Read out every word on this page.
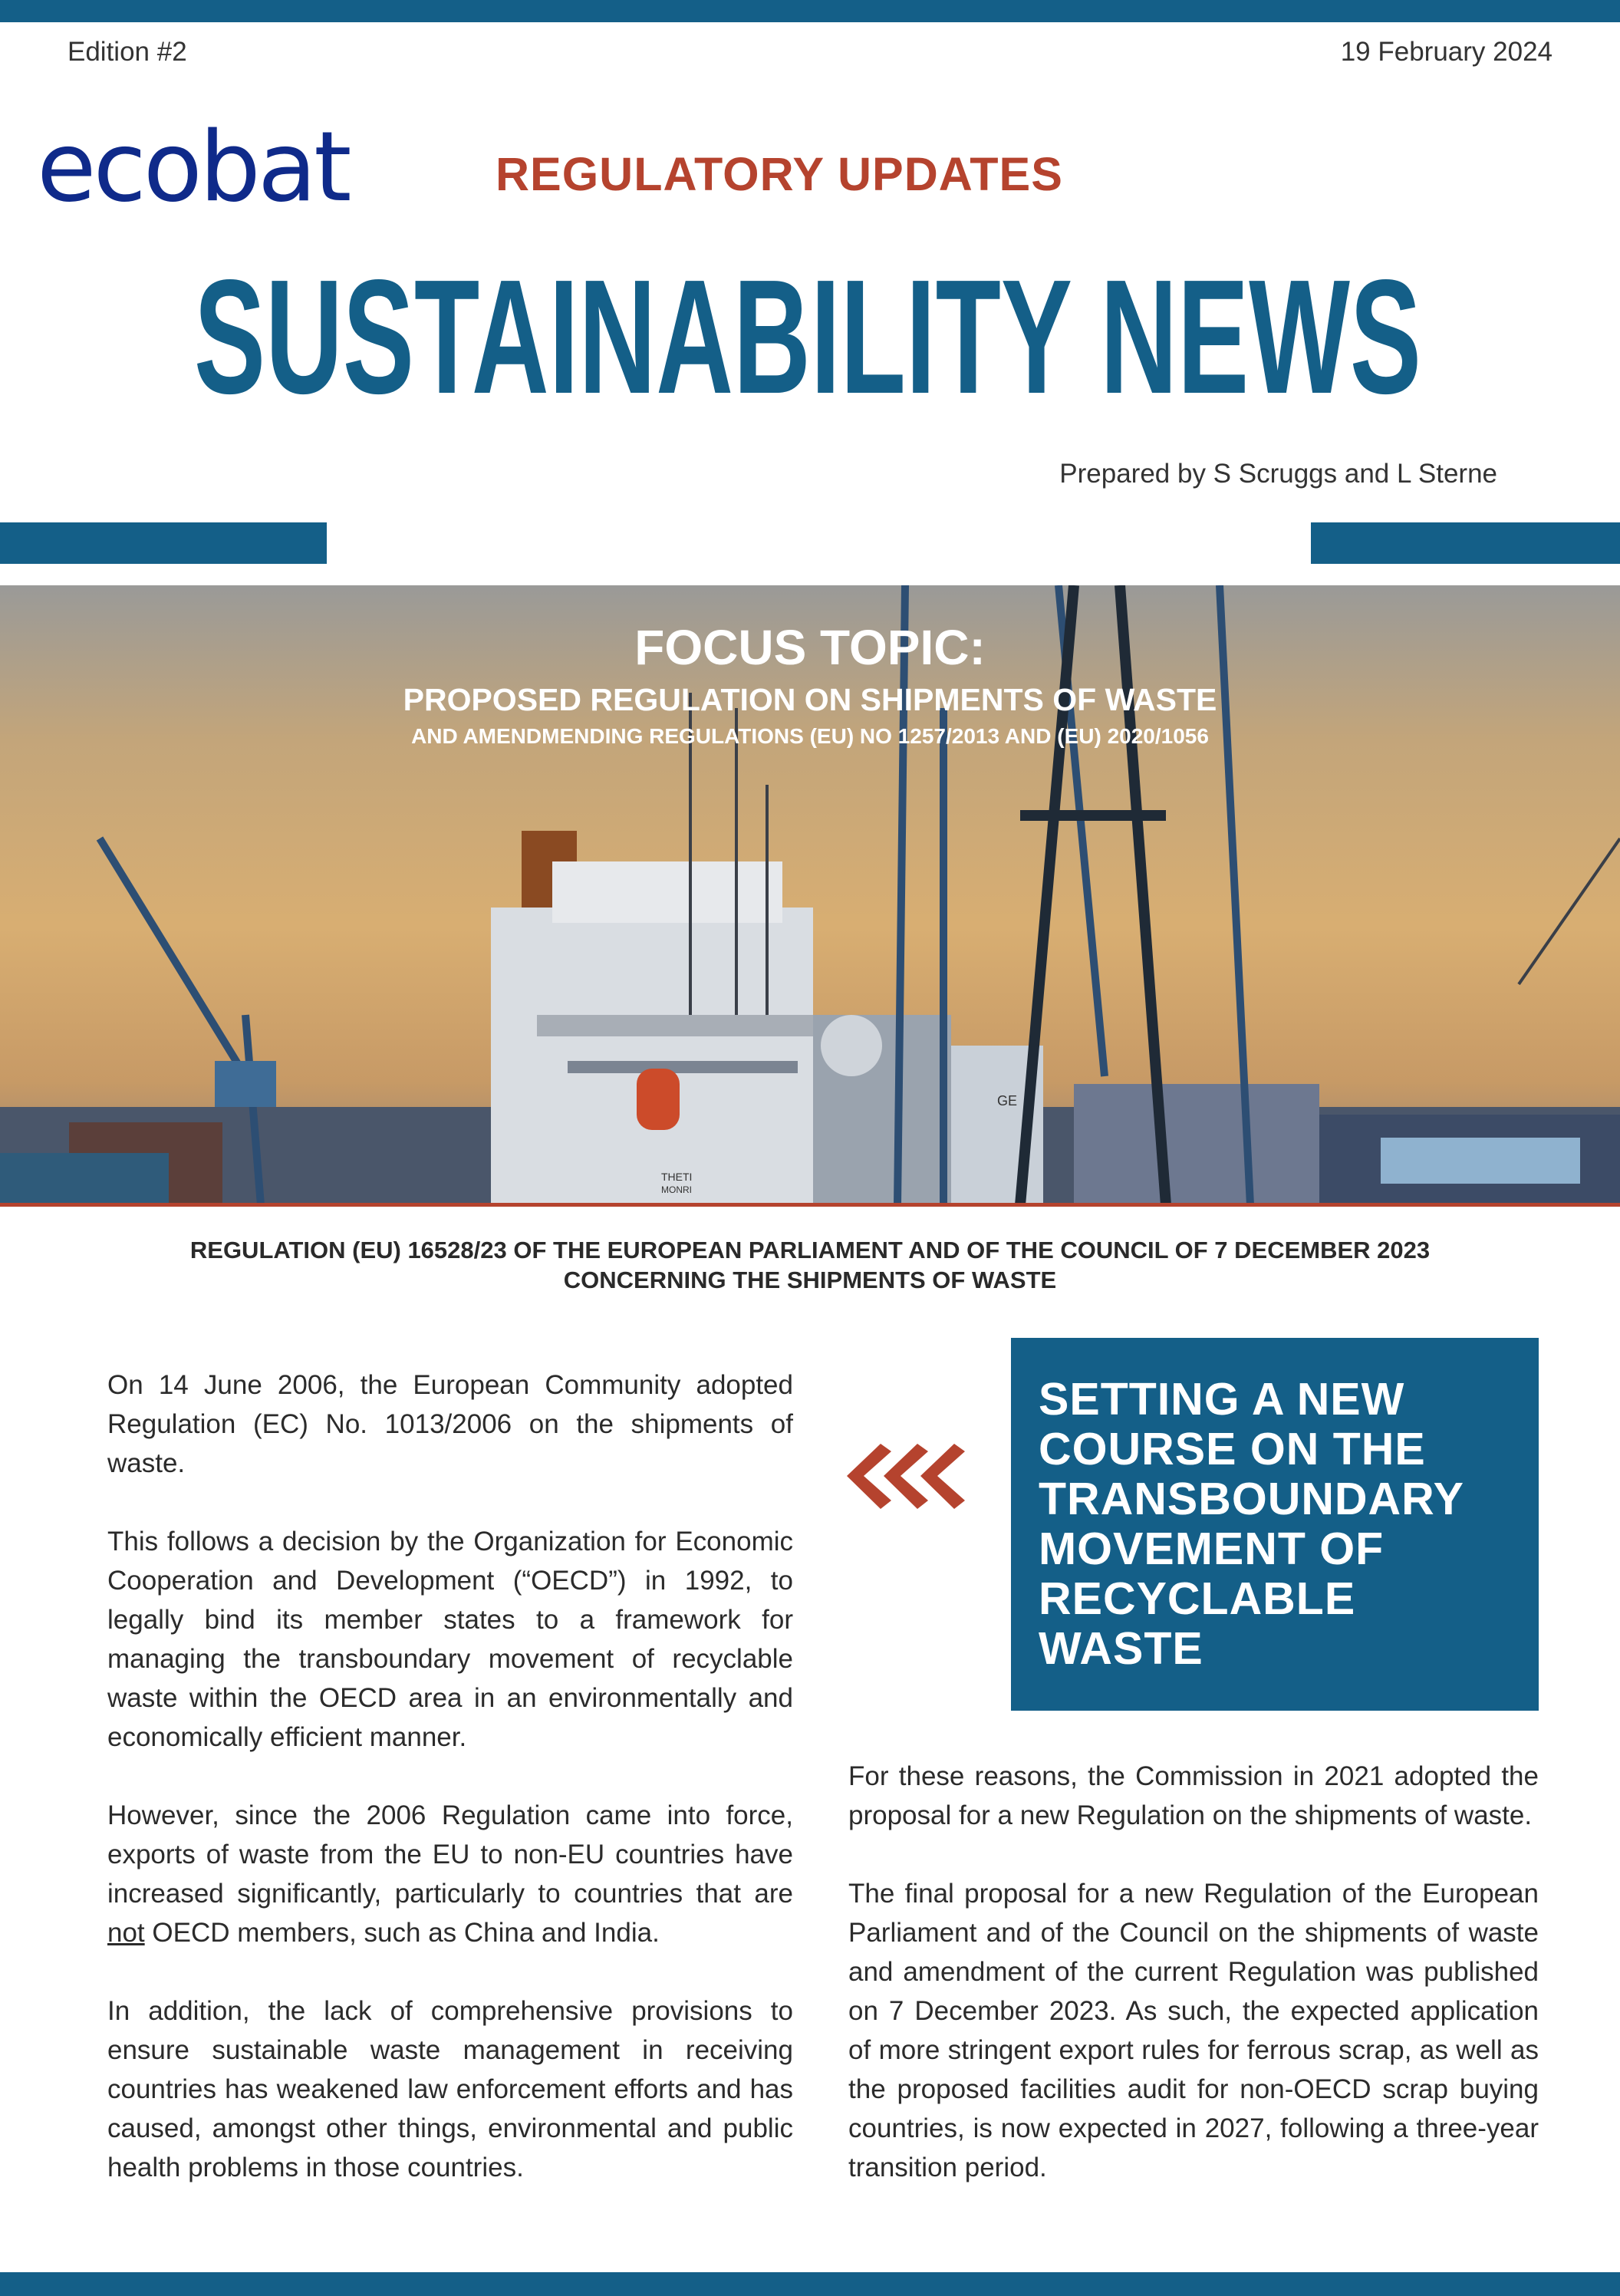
Edition #2	19 February 2024
ecobat	REGULATORY UPDATES
SUSTAINABILITY NEWS
Prepared by S Scruggs and L Sterne
THETI
MONRI
GE
FOCUS TOPIC:
PROPOSED REGULATION ON SHIPMENTS OF WASTE
AND AMENDMENDING REGULATIONS (EU) NO 1257/2013 AND (EU) 2020/1056
REGULATION (EU) 16528/23 OF THE EUROPEAN PARLIAMENT AND OF THE COUNCIL OF 7 DECEMBER 2023
CONCERNING THE SHIPMENTS OF WASTE

On 14 June 2006, the European Community adopted Regulation (EC) No. 1013/2006 on the shipments of waste.

This follows a decision by the Organization for Economic Cooperation and Development (“OECD”) in 1992, to legally bind its member states to a framework for managing the transboundary movement of recyclable waste within the OECD area in an environmentally and economically efficient manner.

However, since the 2006 Regulation came into force, exports of waste from the EU to non-EU countries have increased significantly, particularly to countries that are not OECD members, such as China and India.

In addition, the lack of comprehensive provisions to ensure sustainable waste management in receiving countries has weakened law enforcement efforts and has caused, amongst other things, environmental and public health problems in those countries.

SETTING A NEW
COURSE ON THE
TRANSBOUNDARY
MOVEMENT OF
RECYCLABLE
WASTE

For these reasons, the Commission in 2021 adopted the proposal for a new Regulation on the shipments of waste.

The final proposal for a new Regulation of the European Parliament and of the Council on the shipments of waste and amendment of the current Regulation was published on 7 December 2023. As such, the expected application of more stringent export rules for ferrous scrap, as well as the proposed facilities audit for non-OECD scrap buying countries, is now expected in 2027, following a three-year transition period.
